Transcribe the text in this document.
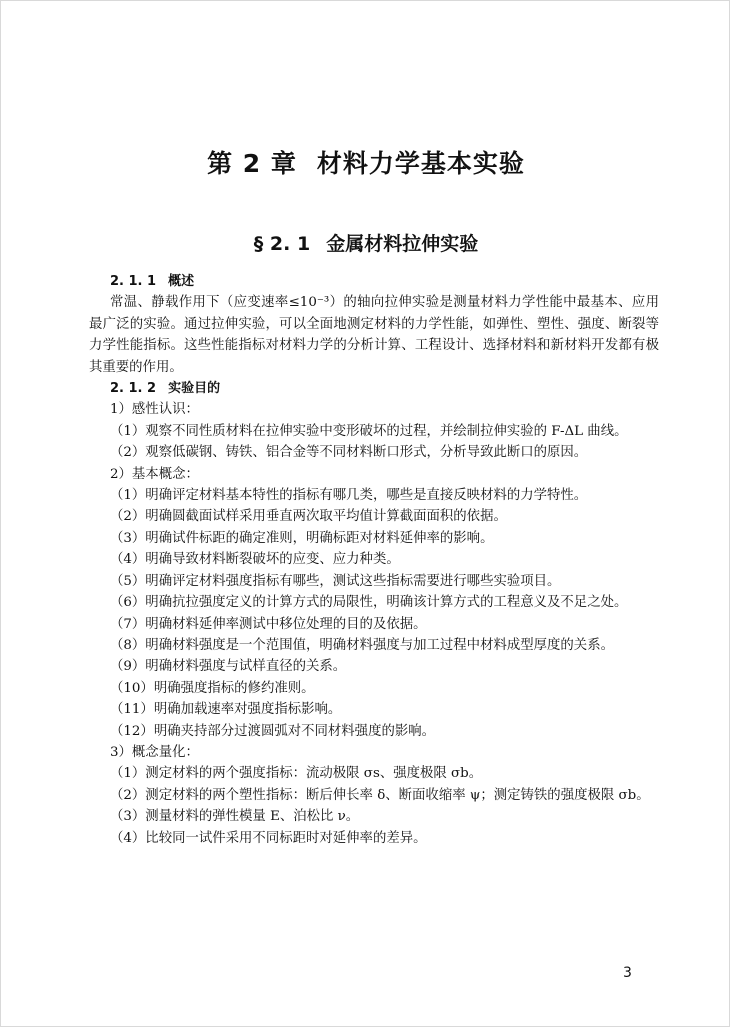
第 2 章 材料力学基本实验
§ 2. 1 金属材料拉伸实验

2. 1. 1 概述

常温、静载作用下（应变速率≤10⁻³）的轴向拉伸实验是测量材料力学性能中最基本、应用最广泛的实验。通过拉伸实验，可以全面地测定材料的力学性能，如弹性、塑性、强度、断裂等力学性能指标。这些性能指标对材料力学的分析计算、工程设计、选择材料和新材料开发都有极其重要的作用。

2. 1. 2 实验目的

1）感性认识：

（1）观察不同性质材料在拉伸实验中变形破坏的过程，并绘制拉伸实验的 F-ΔL 曲线。

（2）观察低碳钢、铸铁、铝合金等不同材料断口形式，分析导致此断口的原因。

2）基本概念：

（1）明确评定材料基本特性的指标有哪几类，哪些是直接反映材料的力学特性。

（2）明确圆截面试样采用垂直两次取平均值计算截面面积的依据。

（3）明确试件标距的确定准则，明确标距对材料延伸率的影响。

（4）明确导致材料断裂破坏的应变、应力种类。

（5）明确评定材料强度指标有哪些，测试这些指标需要进行哪些实验项目。

（6）明确抗拉强度定义的计算方式的局限性，明确该计算方式的工程意义及不足之处。

（7）明确材料延伸率测试中移位处理的目的及依据。

（8）明确材料强度是一个范围值，明确材料强度与加工过程中材料成型厚度的关系。

（9）明确材料强度与试样直径的关系。

（10）明确强度指标的修约准则。

（11）明确加载速率对强度指标影响。

（12）明确夹持部分过渡圆弧对不同材料强度的影响。

3）概念量化：

（1）测定材料的两个强度指标：流动极限 σs、强度极限 σb。

（2）测定材料的两个塑性指标：断后伸长率 δ、断面收缩率 ψ；测定铸铁的强度极限 σb。

（3）测量材料的弹性模量 E、泊松比 ν。

（4）比较同一试件采用不同标距时对延伸率的差异。

3
